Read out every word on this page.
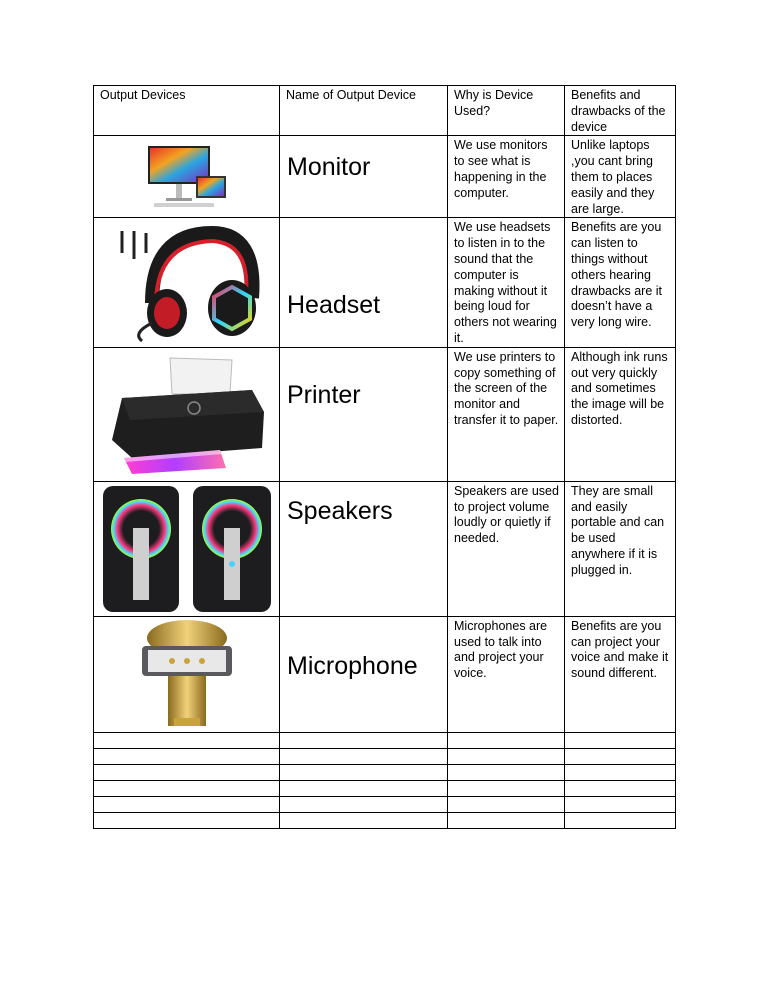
Output Devices	Name of Output Device	Why is Device Used?	Benefits and drawbacks of the device

	Monitor	We use monitors to see what is happening in the computer.	Unlike laptops ,you cant bring them to places easily and they are large.

	Headset	We use headsets to listen in to the sound that the computer is making without it being loud for others not wearing it.	Benefits are you can listen to things without others hearing drawbacks are it doesn’t have a very long wire.

	Printer	We use printers to copy something of the screen of the monitor and transfer it to paper.	Although ink runs out very quickly and sometimes the image will be distorted.

	Speakers	Speakers are used to project volume loudly or quietly if needed.	They are small and easily portable and can be used anywhere if it is plugged in.

	Microphone	Microphones are used to talk into and project your voice.	Benefits are you can project your voice and make it sound different.
